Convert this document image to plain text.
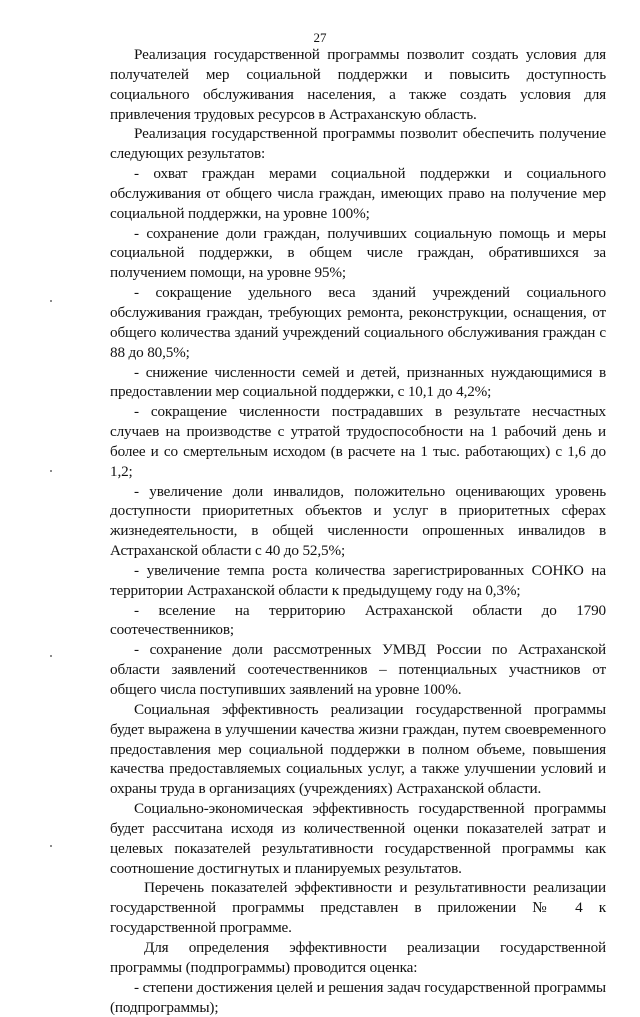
27

Реализация государственной программы позволит создать условия для получателей мер социальной поддержки и повысить доступность социального обслуживания населения, а также создать условия для привлечения трудовых ресурсов в Астраханскую область.

Реализация государственной программы позволит обеспечить получение следующих результатов:

- охват граждан мерами социальной поддержки и социального обслуживания от общего числа граждан, имеющих право на получение мер социальной поддержки, на уровне 100%;

- сохранение доли граждан, получивших социальную помощь и меры социальной поддержки, в общем числе граждан, обратившихся за получением помощи, на уровне 95%;

- сокращение удельного веса зданий учреждений социального обслуживания граждан, требующих ремонта, реконструкции, оснащения, от общего количества зданий учреждений социального обслуживания граждан с 88 до 80,5%;

- снижение численности семей и детей, признанных нуждающимися в предоставлении мер социальной поддержки, с 10,1 до 4,2%;

- сокращение численности пострадавших в результате несчастных случаев на производстве с утратой трудоспособности на 1 рабочий день и более и со смертельным исходом (в расчете на 1 тыс. работающих) с 1,6 до 1,2;

- увеличение доли инвалидов, положительно оценивающих уровень доступности приоритетных объектов и услуг в приоритетных сферах жизнедеятельности, в общей численности опрошенных инвалидов в Астраханской области с 40 до 52,5%;

- увеличение темпа роста количества зарегистрированных СОНКО на территории Астраханской области к предыдущему году на 0,3%;

- вселение на территорию Астраханской области до 1790 соотечественников;

- сохранение доли рассмотренных УМВД России по Астраханской области заявлений соотечественников – потенциальных участников от общего числа поступивших заявлений на уровне 100%.

Социальная эффективность реализации государственной программы будет выражена в улучшении качества жизни граждан, путем своевременного предоставления мер социальной поддержки в полном объеме, повышения качества предоставляемых социальных услуг, а также улучшении условий и охраны труда в организациях (учреждениях) Астраханской области.

Социально-экономическая эффективность государственной программы будет рассчитана исходя из количественной оценки показателей затрат и целевых показателей результативности государственной программы как соотношение достигнутых и планируемых результатов.

Перечень показателей эффективности и результативности реализации государственной программы представлен в приложении № 4 к государственной программе.

Для определения эффективности реализации государственной программы (подпрограммы) проводится оценка:

- степени достижения целей и решения задач государственной программы (подпрограммы);
